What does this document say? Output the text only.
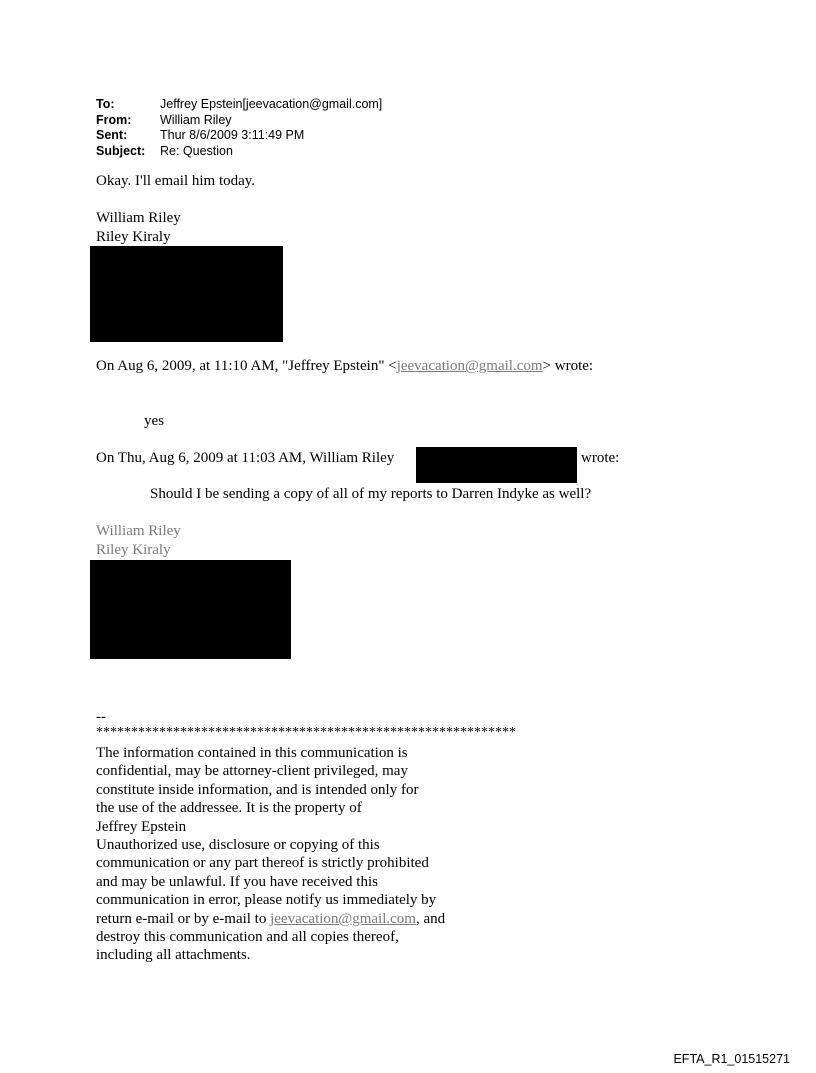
To:	Jeffrey Epstein[jeevacation@gmail.com]
From:	William Riley
Sent:	Thur 8/6/2009 3:11:49 PM
Subject:	Re: Question
Okay. I'll email him today.
William Riley
Riley Kiraly
On Aug 6, 2009, at 11:10 AM, "Jeffrey Epstein" <jeevacation@gmail.com> wrote:
yes
On Thu, Aug 6, 2009 at 11:03 AM, William Riley	wrote:
Should I be sending a copy of all of my reports to Darren Indyke as well?
William Riley
Riley Kiraly
--
************************************************************
The information contained in this communication is
confidential, may be attorney-client privileged, may
constitute inside information, and is intended only for
the use of the addressee. It is the property of
Jeffrey Epstein
Unauthorized use, disclosure or copying of this
communication or any part thereof is strictly prohibited
and may be unlawful. If you have received this
communication in error, please notify us immediately by
return e-mail or by e-mail to jeevacation@gmail.com, and
destroy this communication and all copies thereof,
including all attachments.
EFTA_R1_01515271
